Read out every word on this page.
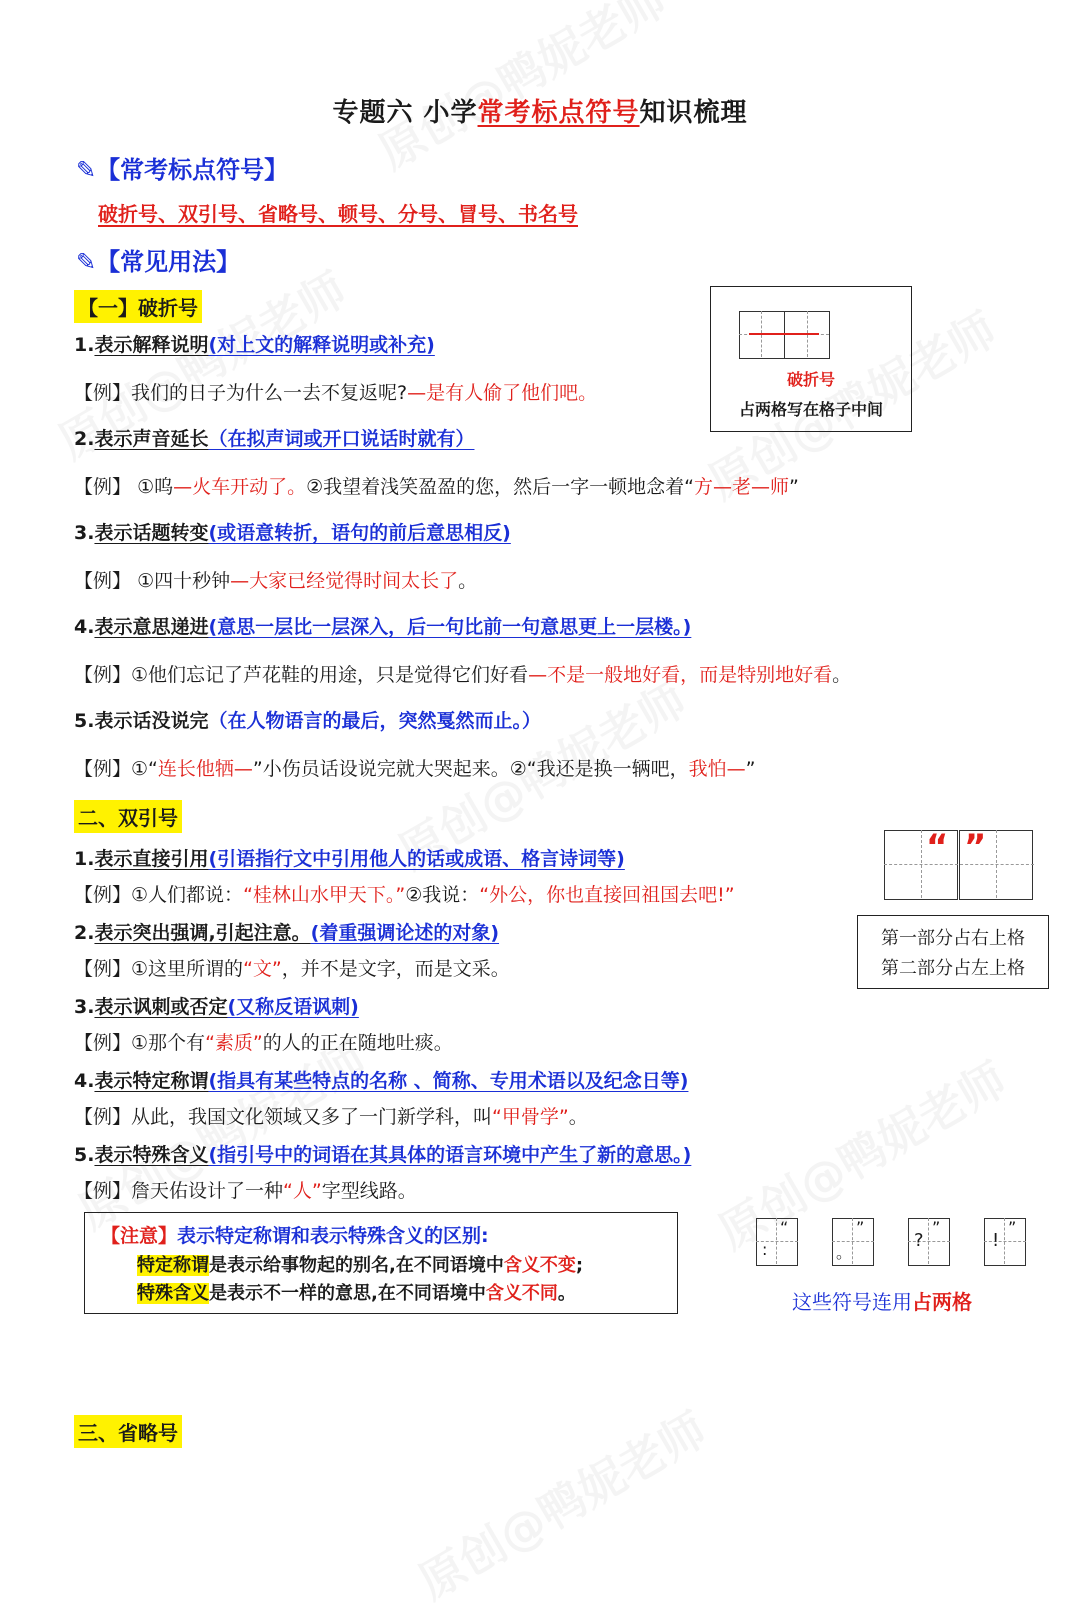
专题六 小学常考标点符号知识梳理
✎【常考标点符号】
破折号、双引号、省略号、顿号、分号、冒号、书名号
✎【常见用法】
【一】破折号
破折号
占两格写在格子中间
1.表示解释说明(对上文的解释说明或补充)
【例】我们的日子为什么一去不复返呢?—是有人偷了他们吧。
2.表示声音延长（在拟声词或开口说话时就有）
【例】 ①呜—火车开动了。②我望着浅笑盈盈的您，然后一字一顿地念着“方—老—师”
3.表示话题转变(或语意转折，语句的前后意思相反)
【例】 ①四十秒钟—大家已经觉得时间太长了。
4.表示意思递进(意思一层比一层深入，后一句比前一句意思更上一层楼。)
【例】①他们忘记了芦花鞋的用途，只是觉得它们好看—不是一般地好看，而是特别地好看。
5.表示话没说完（在人物语言的最后，突然戛然而止。）
【例】①“连长他牺—”小伤员话设说完就大哭起来。②“我还是换一辆吧，我怕—”
二、双引号
“ ”
第一部分占右上格
第二部分占左上格
1.表示直接引用(引语指行文中引用他人的话或成语、格言诗词等)
【例】①人们都说：“桂林山水甲天下。”②我说：“外公，你也直接回祖国去吧!”
2.表示突出强调,引起注意。(着重强调论述的对象)
【例】①这里所谓的“文”，并不是文字，而是文采。
3.表示讽刺或否定(又称反语讽刺)
【例】①那个有“素质”的人的正在随地吐痰。
4.表示特定称谓(指具有某些特点的名称 、简称、专用术语以及纪念日等)
【例】从此，我国文化领域又多了一门新学科，叫“甲骨学”。
5.表示特殊含义(指引号中的词语在其具体的语言环境中产生了新的意思。)
【例】詹天佑设计了一种“人”字型线路。
【注意】表示特定称谓和表示特殊含义的区别:
特定称谓是表示给事物起的别名,在不同语境中含义不变;
特殊含义是表示不一样的意思,在不同语境中含义不同。
:
“
。
”
?
”
!
”
这些符号连用占两格
三、省略号
